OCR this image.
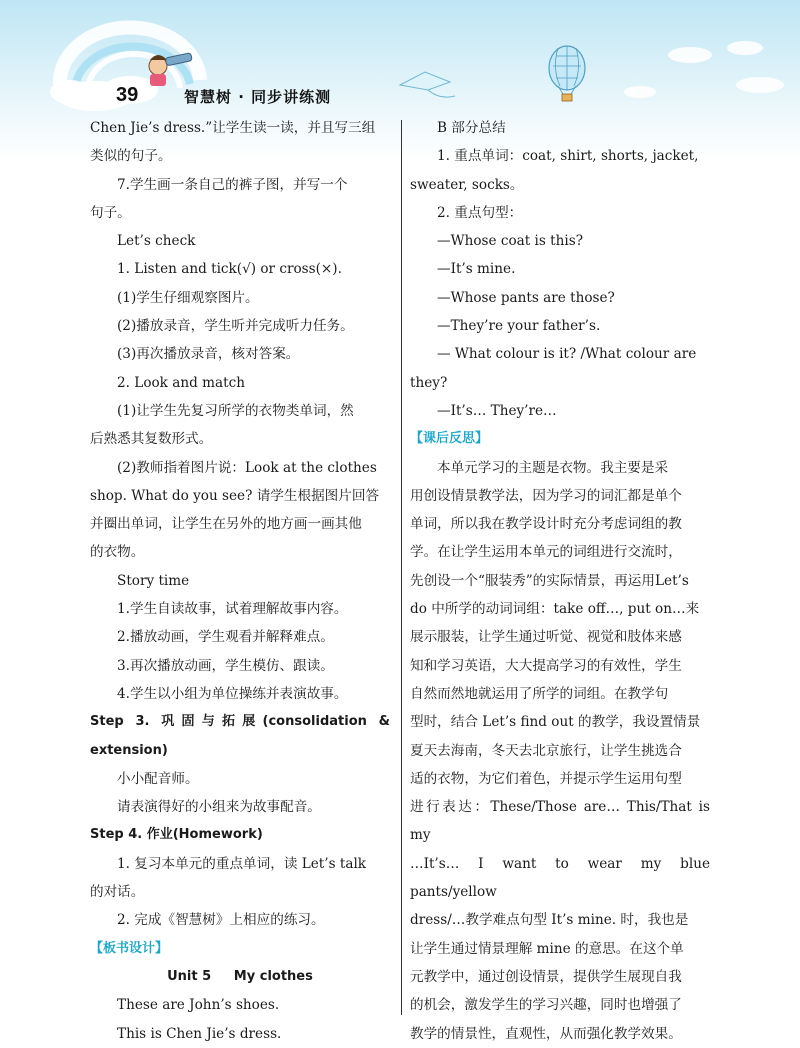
39	智慧树 · 同步讲练测

Chen Jie’s dress.”让学生读一读，并且写三组

类似的句子。

7.学生画一条自己的裤子图，并写一个

句子。

Let’s check

1. Listen and tick(√) or cross(×).

(1)学生仔细观察图片。

(2)播放录音，学生听并完成听力任务。

(3)再次播放录音，核对答案。

2. Look and match

(1)让学生先复习所学的衣物类单词，然

后熟悉其复数形式。

(2)教师指着图片说：Look at the clothes

shop. What do you see? 请学生根据图片回答

并圈出单词，让学生在另外的地方画一画其他

的衣物。

Story time

1.学生自读故事，试着理解故事内容。

2.播放动画，学生观看并解释难点。

3.再次播放动画，学生模仿、跟读。

4.学生以小组为单位操练并表演故事。

Step 3. 巩固与拓展(consolidation & extension)

小小配音师。

请表演得好的小组来为故事配音。

Step 4. 作业(Homework)

1. 复习本单元的重点单词，读 Let’s talk

的对话。

2. 完成《智慧树》上相应的练习。

【板书设计】

Unit 5     My clothes

These are John’s shoes.

This is Chen Jie’s dress.

B 部分总结

1. 重点单词：coat, shirt, shorts, jacket,

sweater, socks。

2. 重点句型：

—Whose coat is this?

—It’s mine.

—Whose pants are those?

—They’re your father’s.

— What colour is it? /What colour are

they?

—It’s… They’re…

【课后反思】

本单元学习的主题是衣物。我主要是采

用创设情景教学法，因为学习的词汇都是单个

单词，所以我在教学设计时充分考虑词组的教

学。在让学生运用本单元的词组进行交流时，

先创设一个“服装秀”的实际情景，再运用Let’s

do 中所学的动词词组：take off…, put on…来

展示服装，让学生通过听觉、视觉和肢体来感

知和学习英语，大大提高学习的有效性，学生

自然而然地就运用了所学的词组。在教学句

型时，结合 Let’s find out 的教学，我设置情景

夏天去海南，冬天去北京旅行，让学生挑选合

适的衣物，为它们着色，并提示学生运用句型

进行表达：These/Those are… This/That is my

…It’s… I want to wear my blue pants/yellow

dress/…教学难点句型 It’s mine. 时，我也是

让学生通过情景理解 mine 的意思。在这个单

元教学中，通过创设情景，提供学生展现自我

的机会，激发学生的学习兴趣，同时也增强了

教学的情景性，直观性，从而强化教学效果。
